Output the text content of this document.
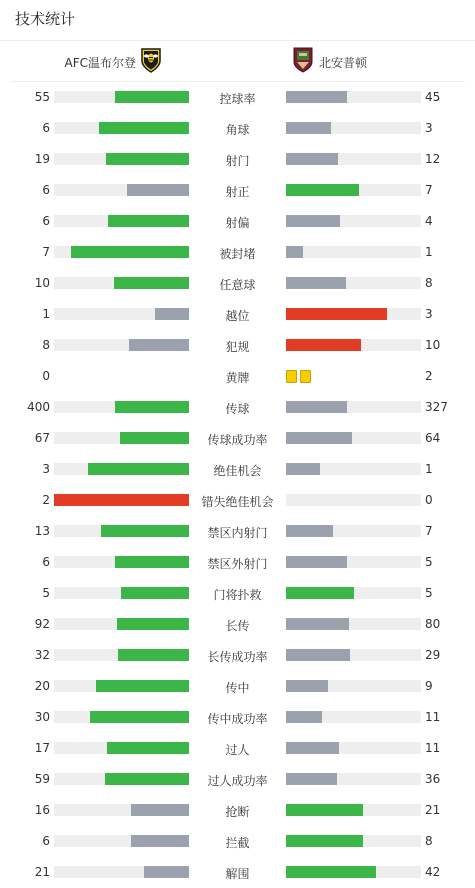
技术统计
AFC温布尔登	北安普顿
55	控球率	45
6	角球	3
19	射门	12
6	射正	7
6	射偏	4
7	被封堵	1
10	任意球	8
1	越位	3
8	犯规	10
0	黄牌	2
400	传球	327
67	传球成功率	64
3	绝佳机会	1
2	错失绝佳机会	0
13	禁区内射门	7
6	禁区外射门	5
5	门将扑救	5
92	长传	80
32	长传成功率	29
20	传中	9
30	传中成功率	11
17	过人	11
59	过人成功率	36
16	抢断	21
6	拦截	8
21	解围	42
